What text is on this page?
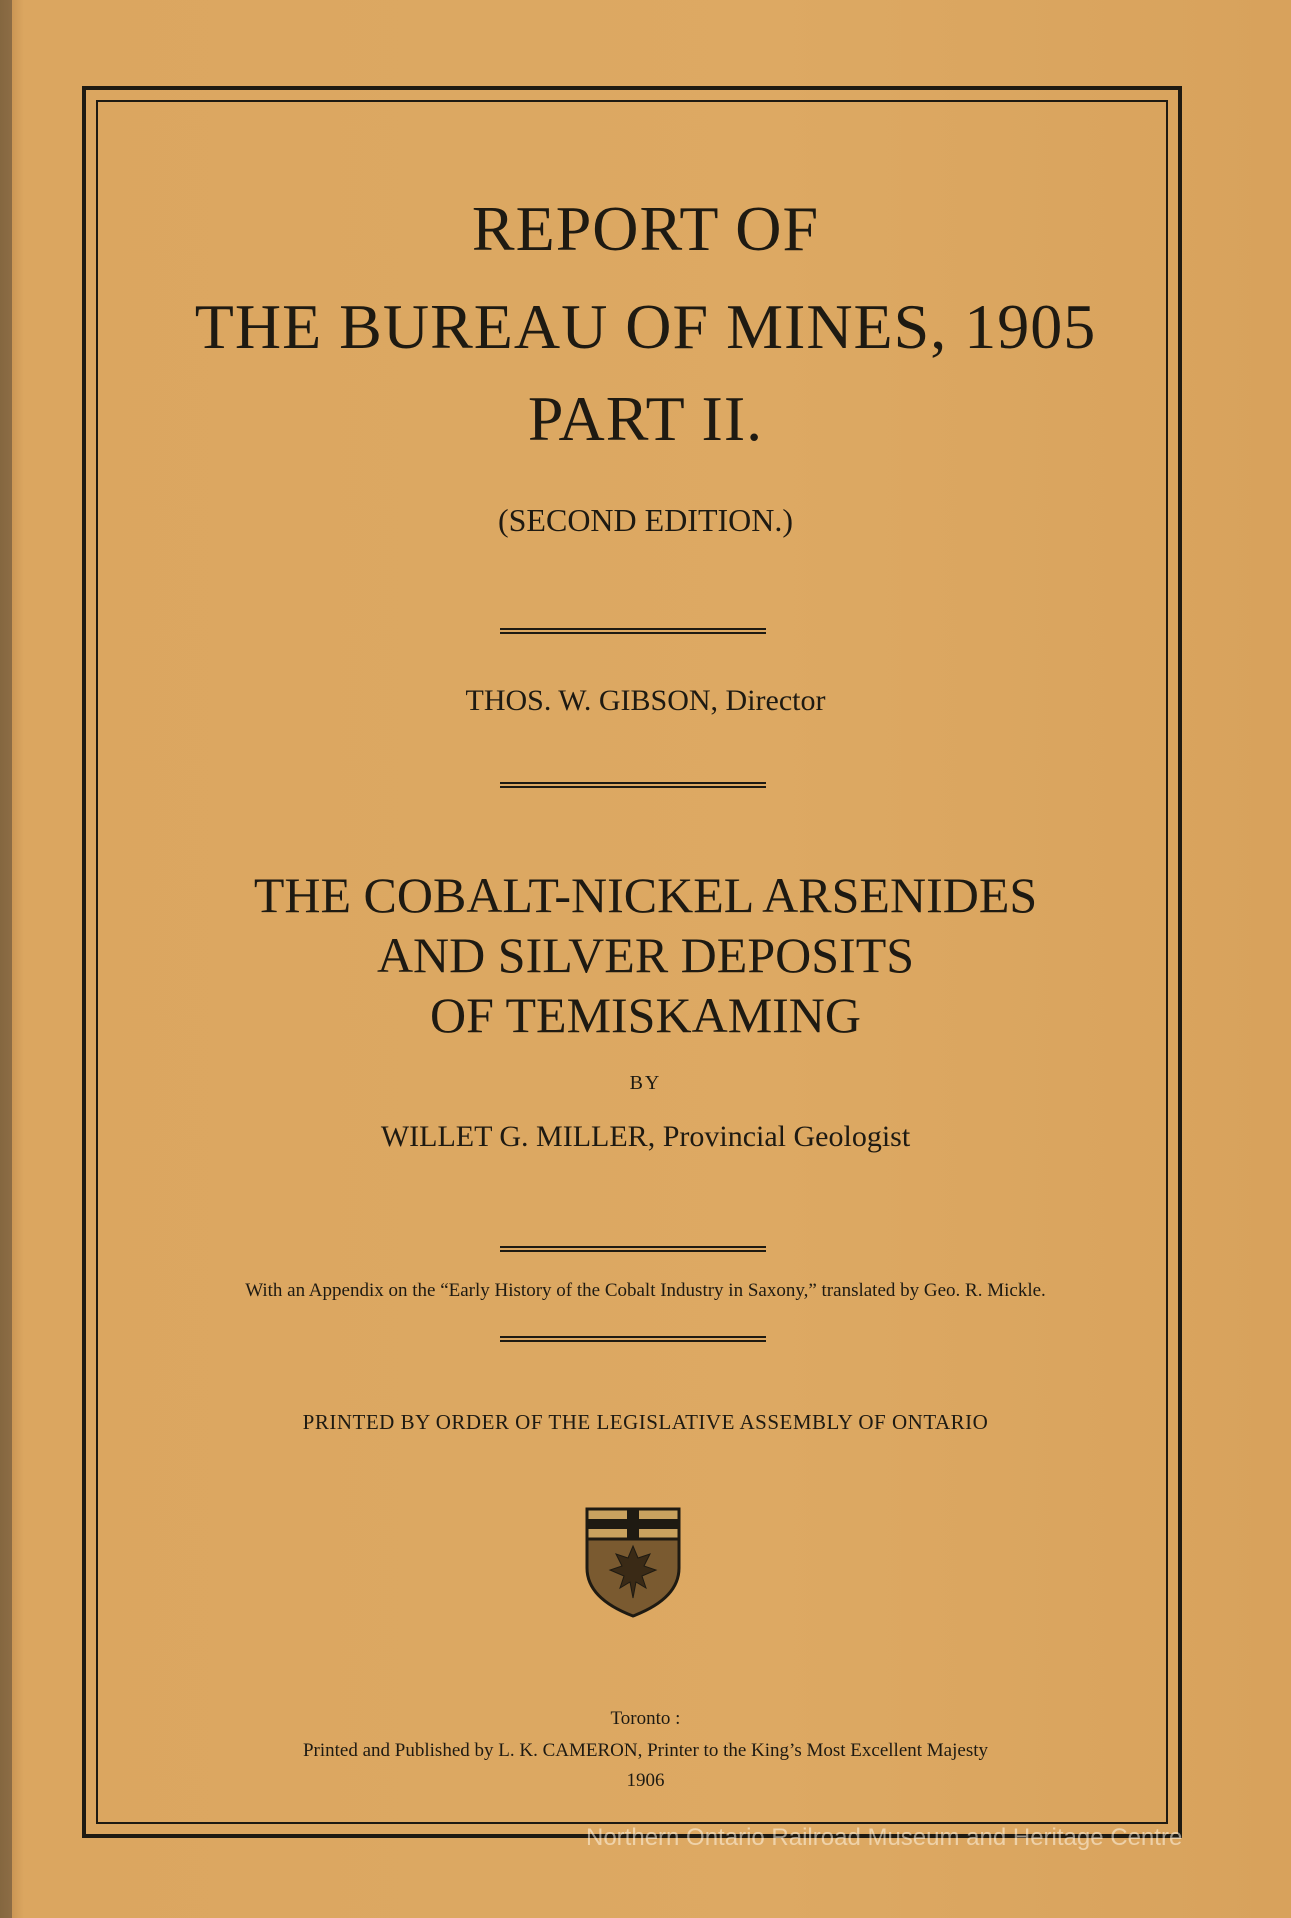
REPORT OF
THE BUREAU OF MINES, 1905
PART II.
(SECOND EDITION.)
THOS. W. GIBSON, Director
THE COBALT-NICKEL ARSENIDES
AND SILVER DEPOSITS
OF TEMISKAMING
BY
WILLET G. MILLER, Provincial Geologist
With an Appendix on the “Early History of the Cobalt Industry in Saxony,” translated by Geo. R. Mickle.
PRINTED BY ORDER OF THE LEGISLATIVE ASSEMBLY OF ONTARIO
Toronto :
Printed and Published by L. K. CAMERON, Printer to the King’s Most Excellent Majesty
1906
Northern Ontario Railroad Museum and Heritage Centre
